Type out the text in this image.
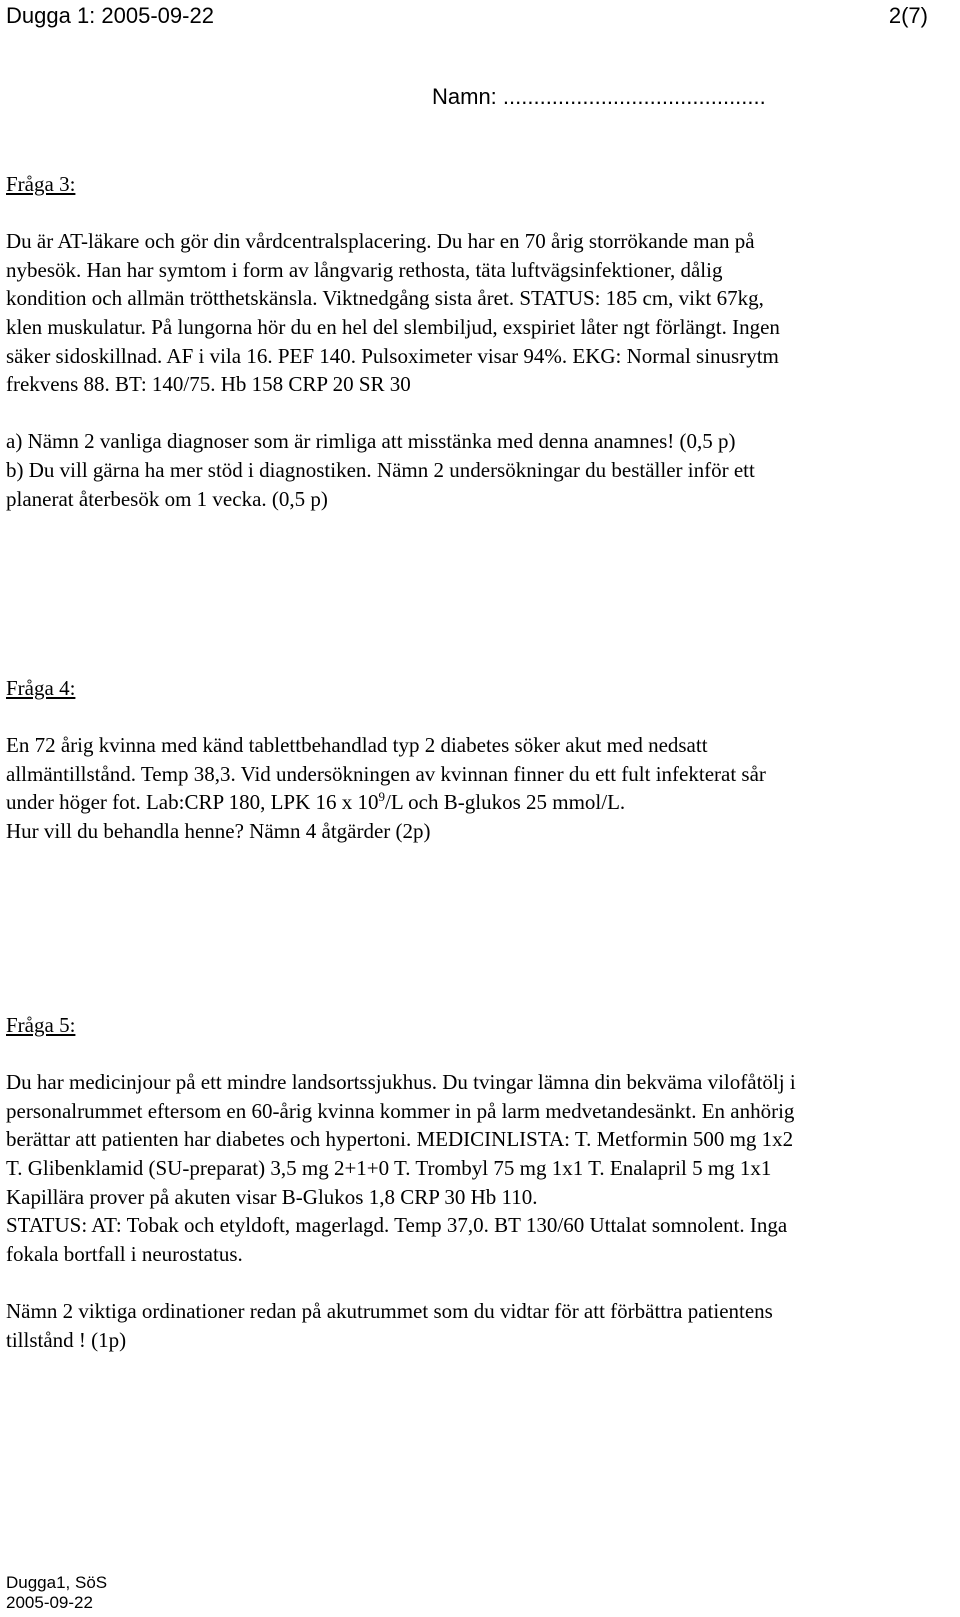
Dugga 1: 2005-09-22	2(7)
Namn: ...........................................

Fråga 3:

Du är AT-läkare och gör din vårdcentralsplacering. Du har en 70 årig storrökande man på

nybesök. Han har symtom i form av långvarig rethosta, täta luftvägsinfektioner, dålig

kondition och allmän trötthetskänsla. Viktnedgång sista året. STATUS: 185 cm, vikt 67kg,

klen muskulatur. På lungorna hör du en hel del slembiljud, exspiriet låter ngt förlängt. Ingen

säker sidoskillnad. AF i vila 16. PEF 140. Pulsoximeter visar 94%. EKG: Normal sinusrytm

frekvens 88. BT: 140/75. Hb 158 CRP 20 SR 30

a) Nämn 2 vanliga diagnoser som är rimliga att misstänka med denna anamnes! (0,5 p)

b) Du vill gärna ha mer stöd i diagnostiken. Nämn 2 undersökningar du beställer inför ett

planerat återbesök om 1 vecka. (0,5 p)

Fråga 4:

En 72 årig kvinna med känd tablettbehandlad typ 2 diabetes söker akut med nedsatt

allmäntillstånd. Temp 38,3. Vid undersökningen av kvinnan finner du ett fult infekterat sår

under höger fot. Lab:CRP 180, LPK 16 x $10^9/L$ och B-glukos 25 mmol/L.

Hur vill du behandla henne? Nämn 4 åtgärder (2p)

Fråga 5:

Du har medicinjour på ett mindre landsortssjukhus. Du tvingar lämna din bekväma vilofåtölj i

personalrummet eftersom en 60-årig kvinna kommer in på larm medvetandesänkt. En anhörig

berättar att patienten har diabetes och hypertoni. MEDICINLISTA: T. Metformin 500 mg 1x2

T. Glibenklamid (SU-preparat) 3,5 mg 2+1+0 T. Trombyl 75 mg 1x1 T. Enalapril 5 mg 1x1

Kapillära prover på akuten visar B-Glukos 1,8 CRP 30 Hb 110.

STATUS: AT: Tobak och etyldoft, magerlagd. Temp 37,0. BT 130/60 Uttalat somnolent. Inga

fokala bortfall i neurostatus.

Nämn 2 viktiga ordinationer redan på akutrummet som du vidtar för att förbättra patientens

tillstånd ! (1p)

Dugga1, SöS
2005-09-22
